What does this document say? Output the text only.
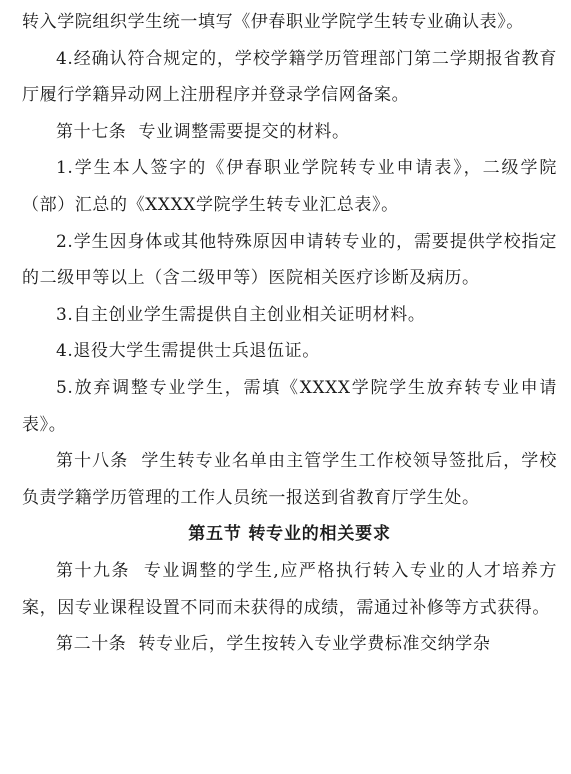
转入学院组织学生统一填写《伊春职业学院学生转专业确认表》。

4.经确认符合规定的，学校学籍学历管理部门第二学期报省教育厅履行学籍异动网上注册程序并登录学信网备案。

第十七条 专业调整需要提交的材料。

1.学生本人签字的《伊春职业学院转专业申请表》，二级学院（部）汇总的《XXXX学院学生转专业汇总表》。

2.学生因身体或其他特殊原因申请转专业的，需要提供学校指定的二级甲等以上（含二级甲等）医院相关医疗诊断及病历。

3.自主创业学生需提供自主创业相关证明材料。

4.退役大学生需提供士兵退伍证。

5.放弃调整专业学生，需填《XXXX学院学生放弃转专业申请表》。

第十八条 学生转专业名单由主管学生工作校领导签批后，学校负责学籍学历管理的工作人员统一报送到省教育厅学生处。

第五节 转专业的相关要求

第十九条 专业调整的学生,应严格执行转入专业的人才培养方案，因专业课程设置不同而未获得的成绩，需通过补修等方式获得。

第二十条 转专业后，学生按转入专业学费标准交纳学杂
